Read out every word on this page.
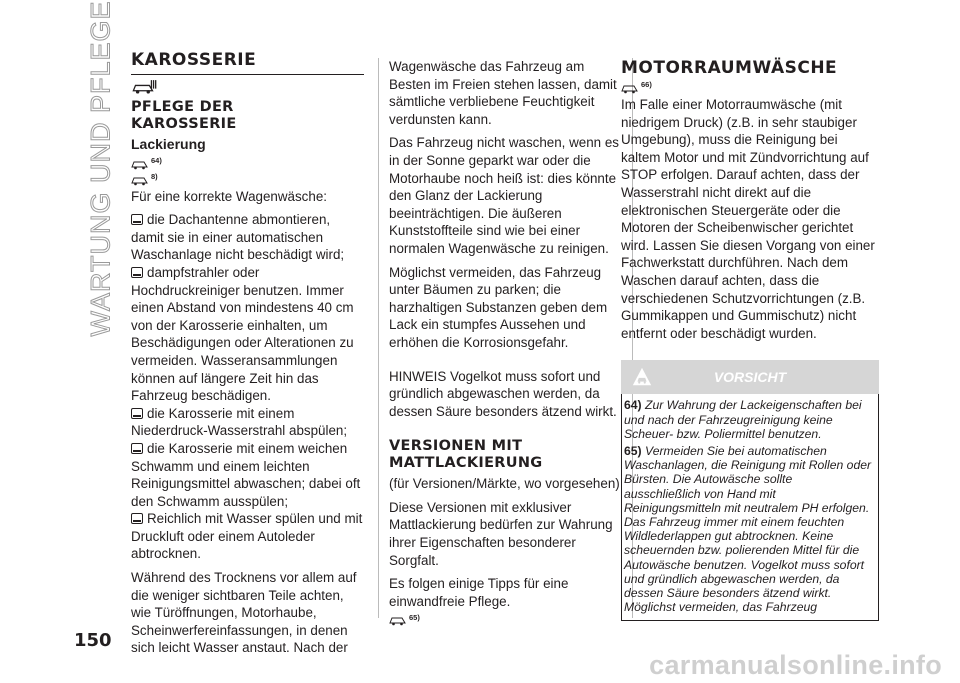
WARTUNG UND PFLEGE
150
KAROSSERIE
PFLEGE DER
KAROSSERIE
Lackierung
64)
8)

Für eine korrekte Wagenwäsche:

die Dachantenne abmontieren, damit sie in einer automatischen Waschanlage nicht beschädigt wird;

dampfstrahler oder Hochdruckreiniger benutzen. Immer einen Abstand von mindestens 40 cm von der Karosserie einhalten, um Beschädigungen oder Alterationen zu vermeiden. Wasseransammlungen können auf längere Zeit hin das Fahrzeug beschädigen.

die Karosserie mit einem Niederdruck-Wasserstrahl abspülen;

die Karosserie mit einem weichen Schwamm und einem leichten Reinigungsmittel abwaschen; dabei oft den Schwamm ausspülen;

Reichlich mit Wasser spülen und mit Druckluft oder einem Autoleder abtrocknen.

Während des Trocknens vor allem auf die weniger sichtbaren Teile achten, wie Türöffnungen, Motorhaube, Scheinwerfereinfassungen, in denen sich leicht Wasser anstaut. Nach der

Wagenwäsche das Fahrzeug am Besten im Freien stehen lassen, damit sämtliche verbliebene Feuchtigkeit verdunsten kann.

Das Fahrzeug nicht waschen, wenn es in der Sonne geparkt war oder die Motorhaube noch heiß ist: dies könnte den Glanz der Lackierung beeinträchtigen. Die äußeren Kunststoffteile sind wie bei einer normalen Wagenwäsche zu reinigen.

Möglichst vermeiden, das Fahrzeug unter Bäumen zu parken; die harzhaltigen Substanzen geben dem Lack ein stumpfes Aussehen und erhöhen die Korrosionsgefahr.

HINWEIS Vogelkot muss sofort und gründlich abgewaschen werden, da dessen Säure besonders ätzend wirkt.

VERSIONEN MIT
MATTLACKIERUNG

(für Versionen/Märkte, wo vorgesehen)

Diese Versionen mit exklusiver Mattlackierung bedürfen zur Wahrung ihrer Eigenschaften besonderer Sorgfalt.

Es folgen einige Tipps für eine einwandfreie Pflege.

65)
MOTORRAUMWÄSCHE
66)

Im Falle einer Motorraumwäsche (mit niedrigem Druck) (z.B. in sehr staubiger Umgebung), muss die Reinigung bei kaltem Motor und mit Zündvorrichtung auf STOP erfolgen. Darauf achten, dass der Wasserstrahl nicht direkt auf die elektronischen Steuergeräte oder die Motoren der Scheibenwischer gerichtet wird. Lassen Sie diesen Vorgang von einer Fachwerkstatt durchführen. Nach dem Waschen darauf achten, dass die verschiedenen Schutzvorrichtungen (z.B. Gummikappen und Gummischutz) nicht entfernt oder beschädigt wurden.

VORSICHT

64) Zur Wahrung der Lackeigenschaften bei und nach der Fahrzeugreinigung keine Scheuer- bzw. Poliermittel benutzen.

65) Vermeiden Sie bei automatischen Waschanlagen, die Reinigung mit Rollen oder Bürsten. Die Autowäsche sollte ausschließlich von Hand mit Reinigungsmitteln mit neutralem PH erfolgen. Das Fahrzeug immer mit einem feuchten Wildlederlappen gut abtrocknen. Keine scheuernden bzw. polierenden Mittel für die Autowäsche benutzen. Vogelkot muss sofort und gründlich abgewaschen werden, da dessen Säure besonders ätzend wirkt. Möglichst vermeiden, das Fahrzeug

carmanualsonline.info
